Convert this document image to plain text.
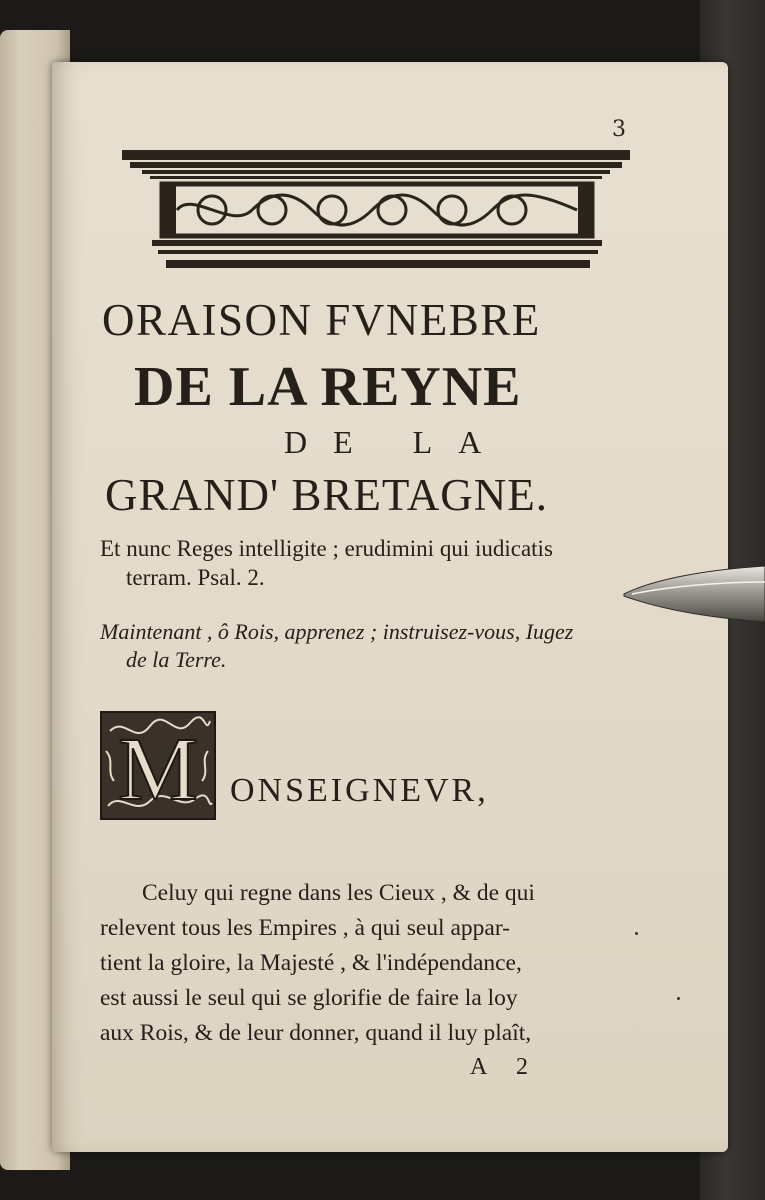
3
ORAISON FVNEBRE
DE LA REYNE
DE LA
GRAND' BRETAGNE.
Et nunc Reges intelligite ; erudimini qui iudicatis
terram. Psal. 2.
Maintenant , ô Rois, apprenez ; instruisez-vous, Iugez
de la Terre.
M ONSEIGNEVR,
Celuy qui regne dans les Cieux , & de qui
relevent tous les Empires , à qui seul appar-
tient la gloire, la Majesté , & l'indépendance,
est aussi le seul qui se glorifie de faire la loy
aux Rois, & de leur donner, quand il luy plaît,
A 2
